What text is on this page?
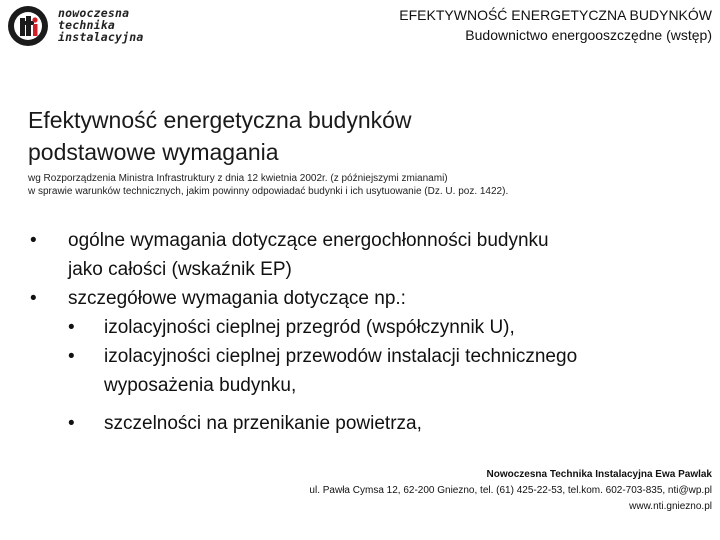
nowoczesna
technika
instalacyjna
EFEKTYWNOŚĆ ENERGETYCZNA BUDYNKÓW
Budownictwo energooszczędne (wstęp)
Efektywność energetyczna budynków
podstawowe wymagania
wg Rozporządzenia Ministra Infrastruktury z dnia 12 kwietnia 2002r. (z późniejszymi zmianami)
w sprawie warunków technicznych, jakim powinny odpowiadać budynki i ich usytuowanie (Dz. U. poz. 1422).
• ogólne wymagania dotyczące energochłonności budynku
jako całości (wskaźnik EP)
• szczegółowe wymagania dotyczące np.:
• izolacyjności cieplnej przegród (współczynnik U),
• izolacyjności cieplnej przewodów instalacji technicznego
wyposażenia budynku,
• szczelności na przenikanie powietrza,
Nowoczesna Technika Instalacyjna Ewa Pawlak
ul. Pawła Cymsa 12, 62-200 Gniezno, tel. (61) 425-22-53, tel.kom. 602-703-835, nti@wp.pl
www.nti.gniezno.pl
